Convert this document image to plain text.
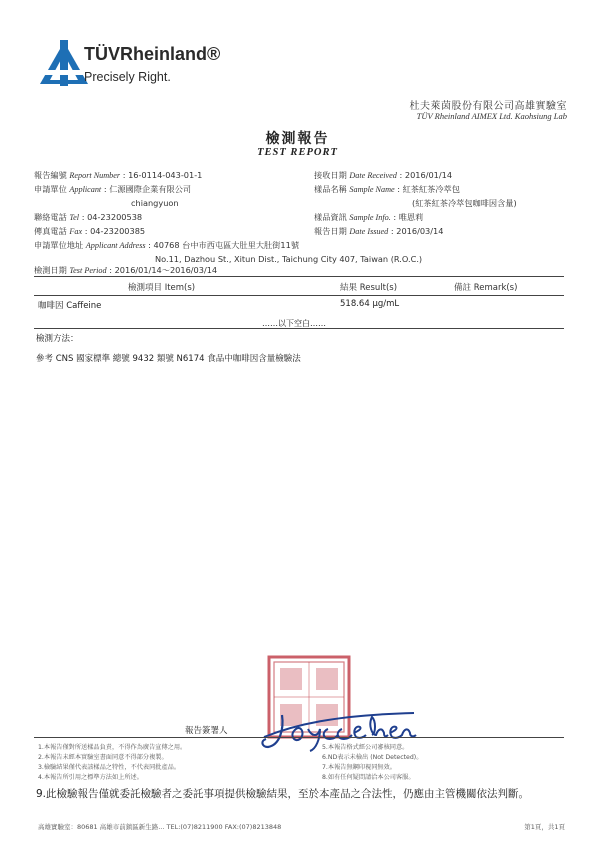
TÜVRheinland®
Precisely Right.
杜夫萊茵股份有限公司高雄實驗室
TÜV Rheinland AIMEX Ltd. Kaohsiung Lab
檢測報告
TEST REPORT
報告編號 Report Number : 16-0114-043-01-1
申請單位 Applicant : 仁源國際企業有限公司
chiangyuon
聯絡電話 Tel : 04-23200538
傳真電話 Fax : 04-23200385
申請單位地址 Applicant Address : 40768 台中市西屯區大肚里大肚街11號
No.11, Dazhou St., Xitun Dist., Taichung City 407, Taiwan (R.O.C.)
檢測日期 Test Period : 2016/01/14～2016/03/14
接收日期 Date Received : 2016/01/14
樣品名稱 Sample Name : 紅茶紅茶冷萃包
(紅茶紅茶冷萃包咖啡因含量)
樣品資訊 Sample Info. : 唯恩莉
報告日期 Date Issued : 2016/03/14
檢測項目 Item(s)	結果 Result(s)	備註 Remark(s)
咖啡因 Caffeine	518.64 µg/mL
……以下空白……
檢測方法：
參考 CNS 國家標準 總號 9432 類號 N6174 食品中咖啡因含量檢驗法
報告簽署人
1.本報告僅對所送樣品負責，不得作為廣告宣傳之用。
2.本報告未經本實驗室書面同意不得部分複製。
3.檢驗結果僅代表該樣品之特性，不代表同批產品。
4.本報告所引用之標準方法如上所述。
5.本報告格式經公司審核同意。
6.ND表示未檢出 (Not Detected)。
7.本報告無鋼印視同無效。
8.如有任何疑問請洽本公司客服。
9.此檢驗報告僅就委託檢驗者之委託事項提供檢驗結果，至於本產品之合法性，仍應由主管機關依法判斷。
高雄實驗室：80681 高雄市前鎮區新生路... TEL:(07)8211900 FAX:(07)8213848	第1頁，共1頁
